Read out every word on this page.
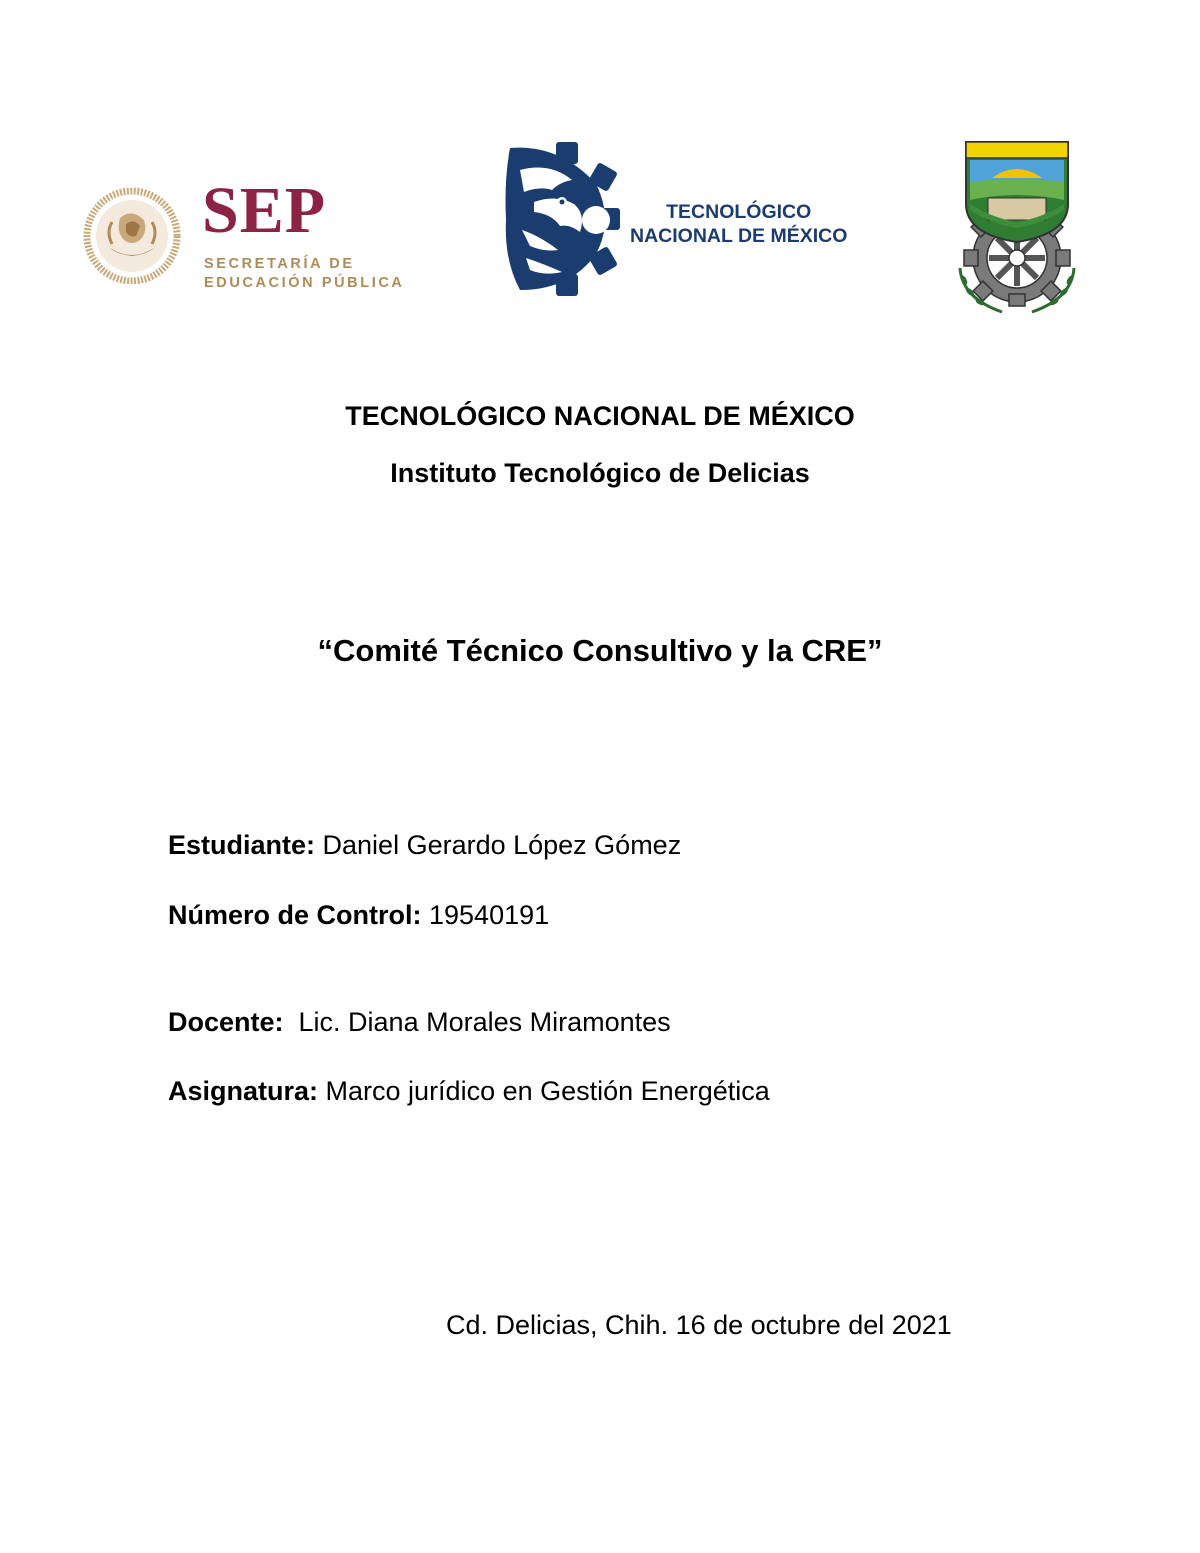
SEP
SECRETARÍA DE
EDUCACIÓN PÚBLICA
TECNOLÓGICO
NACIONAL DE MÉXICO
TECNOLÓGICO NACIONAL DE MÉXICO
Instituto Tecnológico de Delicias
“Comité Técnico Consultivo y la CRE”
Estudiante: Daniel Gerardo López Gómez
Número de Control: 19540191
Docente:  Lic. Diana Morales Miramontes
Asignatura: Marco jurídico en Gestión Energética
Cd. Delicias, Chih. 16 de octubre del 2021
